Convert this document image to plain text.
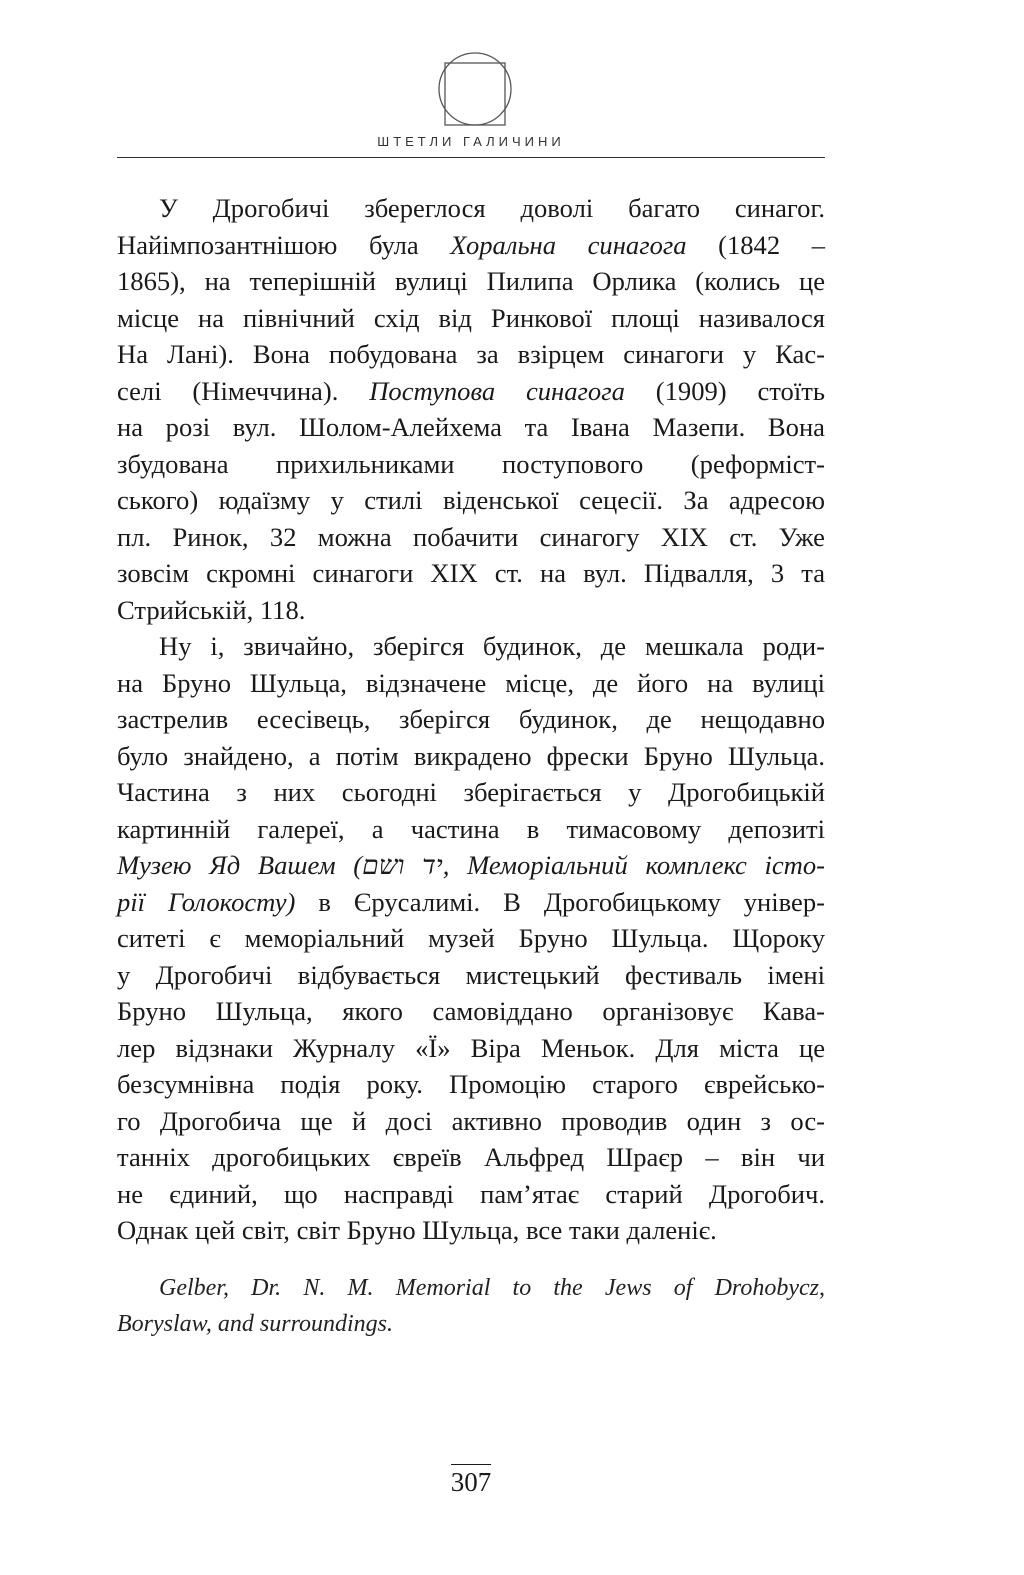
ШТЕТЛИ ГАЛИЧИНИ
У Дрогобичі збереглося доволі багато синагог.
Найімпозантнішою була Хоральна синагога (1842 –
1865), на теперішній вулиці Пилипа Орлика (колись це
місце на північний схід від Ринкової площі називалося
На Лані). Вона побудована за взірцем синагоги у Кас-
селі (Німеччина). Поступова синагога (1909) стоїть
на розі вул. Шолом-Алейхема та Івана Мазепи. Вона
збудована прихильниками поступового (реформіст-
ського) юдаїзму у стилі віденської сецесії. За адресою
пл. Ринок, 32 можна побачити синагогу XIX ст. Уже
зовсім скромні синагоги XIX ст. на вул. Підвалля, 3 та
Стрийській, 118.
Ну і, звичайно, зберігся будинок, де мешкала роди-
на Бруно Шульца, відзначене місце, де його на вулиці
застрелив есесівець, зберігся будинок, де нещодавно
було знайдено, а потім викрадено фрески Бруно Шульца.
Частина з них сьогодні зберігається у Дрогобицькій
картинній галереї, а частина в тимасовому депозиті
Музею Яд Вашем (יד ושם, Меморіальний комплекс істо-
рії Голокосту) в Єрусалимі. В Дрогобицькому універ-
ситеті є меморіальний музей Бруно Шульца. Щороку
у Дрогобичі відбувається мистецький фестиваль імені
Бруно Шульца, якого самовіддано організовує Кава-
лер відзнаки Журналу «Ї» Віра Меньок. Для міста це
безсумнівна подія року. Промоцію старого єврейсько-
го Дрогобича ще й досі активно проводив один з ос-
танніх дрогобицьких євреїв Альфред Шраєр – він чи
не єдиний, що насправді пам’ятає старий Дрогобич.
Однак цей світ, світ Бруно Шульца, все таки даленіє.
Gelber, Dr. N. M. Memorial to the Jews of Drohobycz,
Boryslaw, and surroundings.
307
